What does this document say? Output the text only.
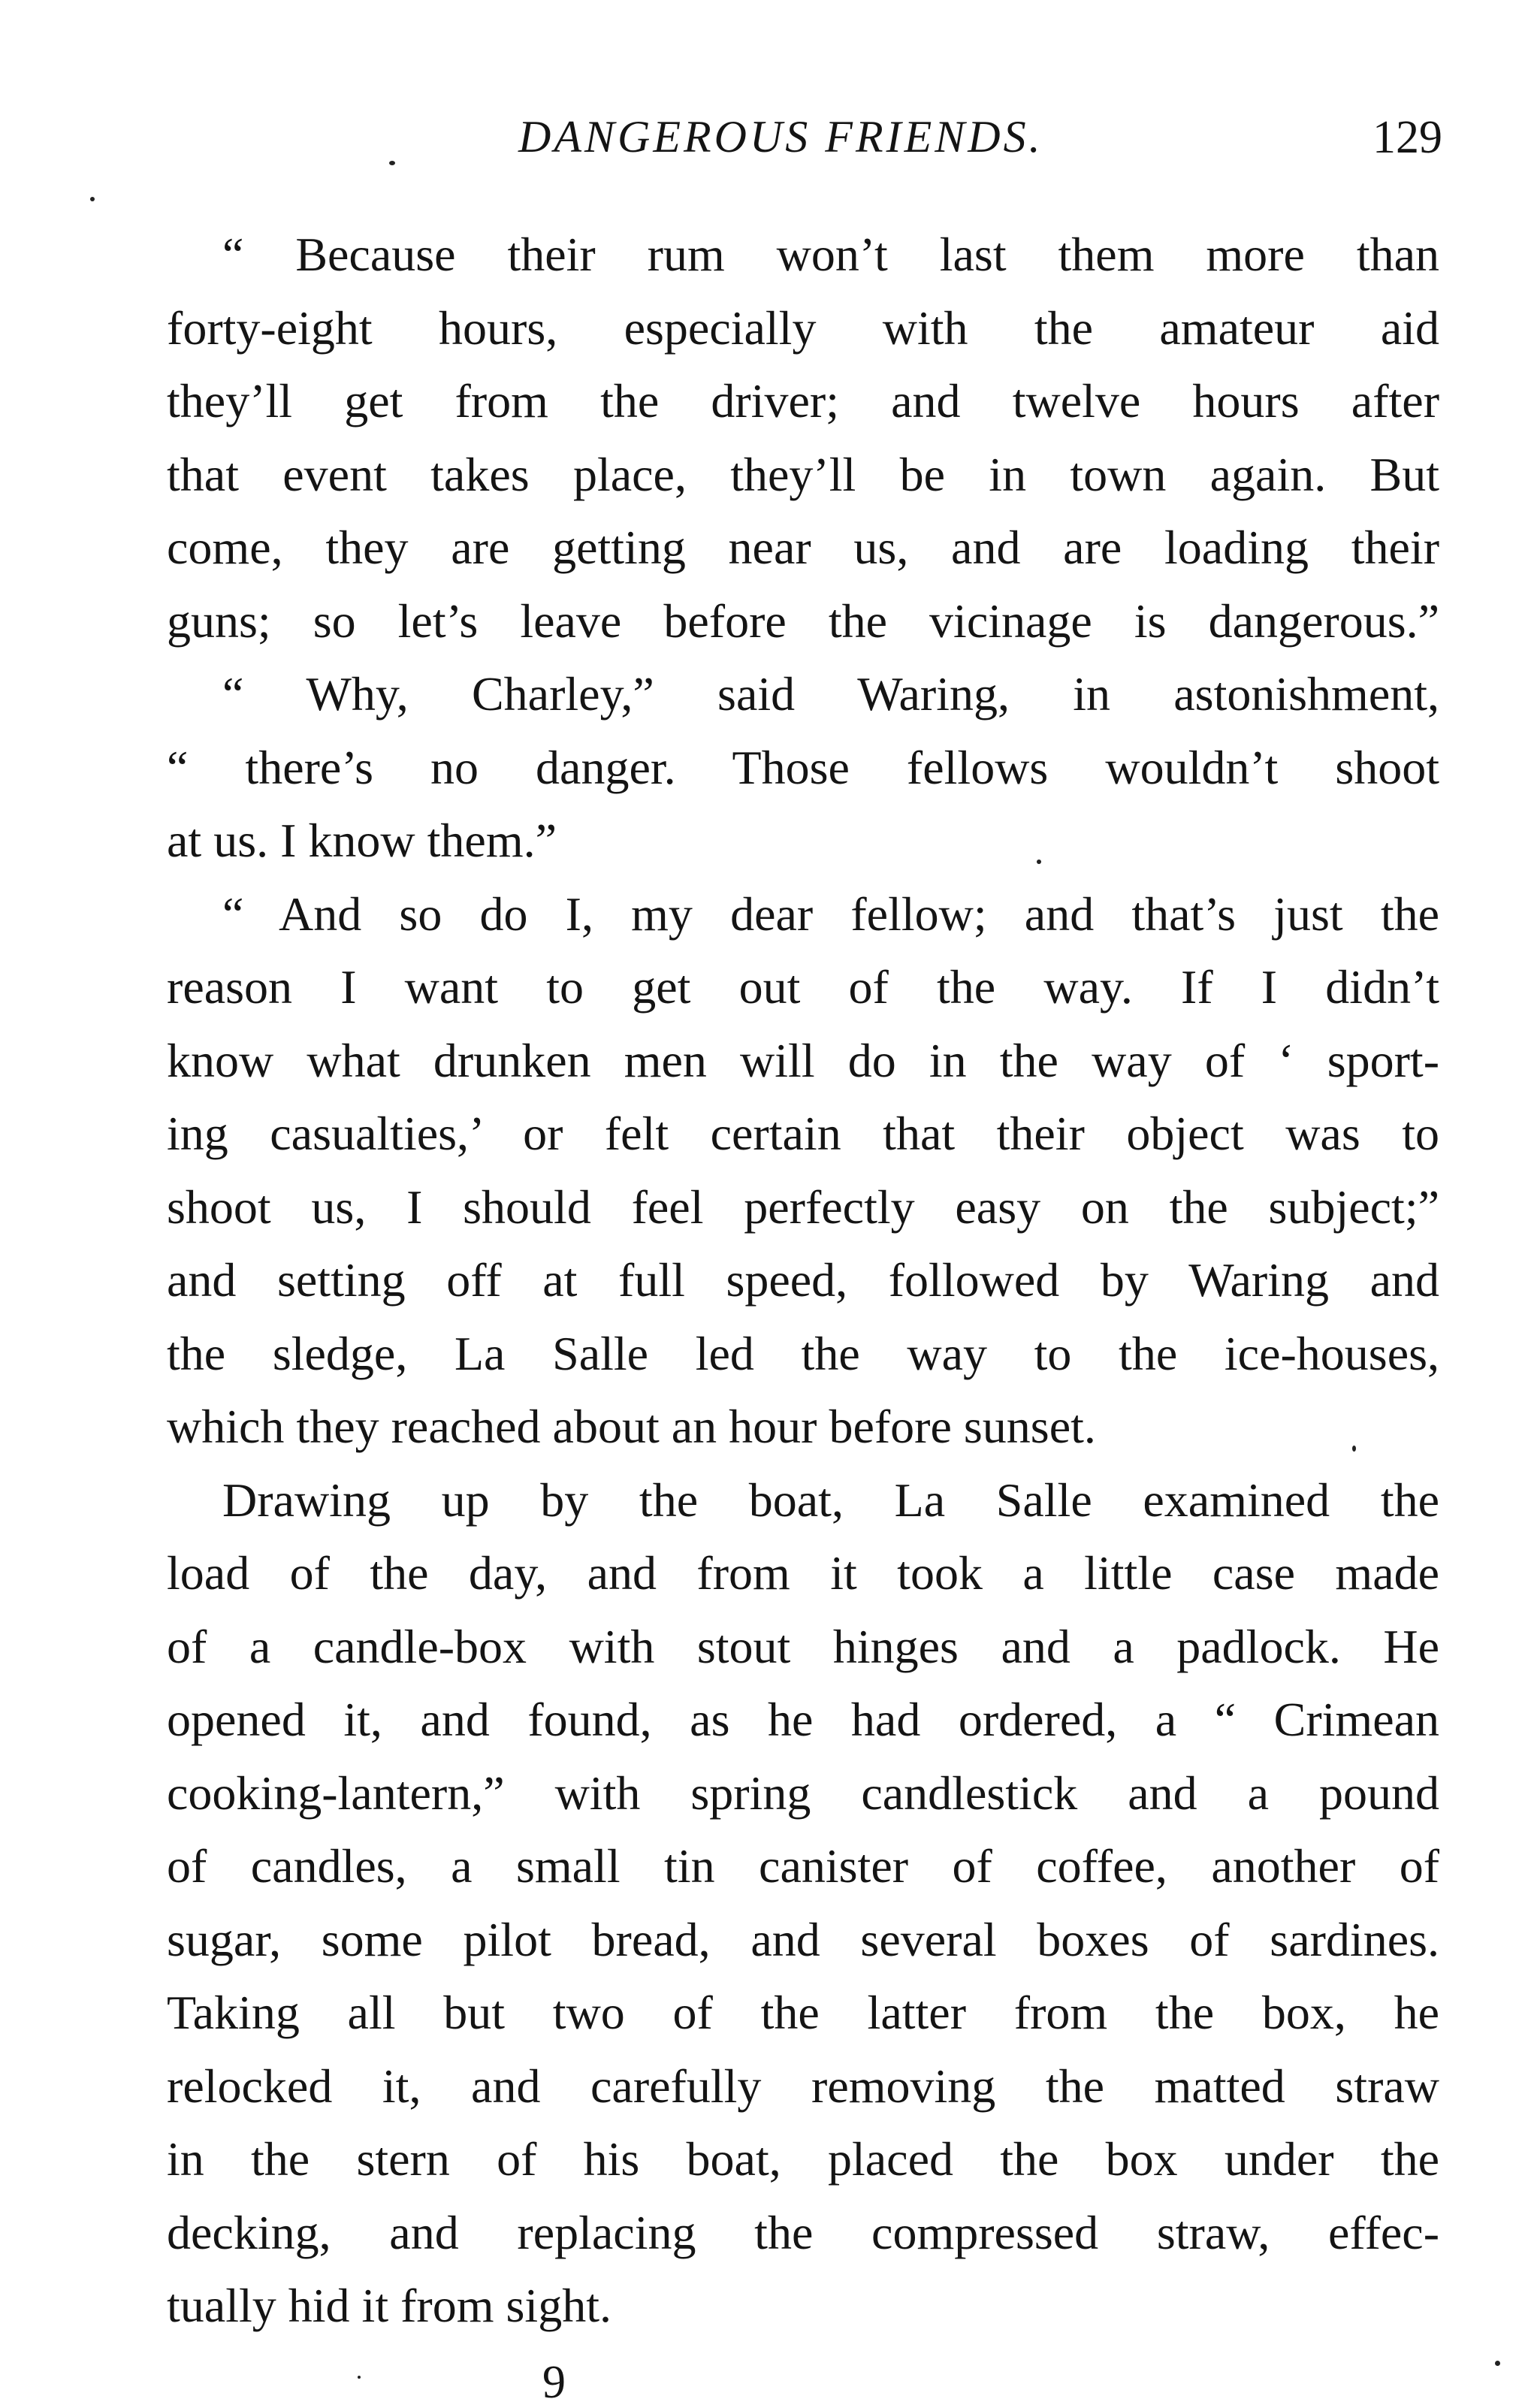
DANGEROUS FRIENDS.	129
“ Because their rum won’t last them more than
forty-eight hours, especially with the amateur aid
they’ll get from the driver; and twelve hours after
that event takes place, they’ll be in town again. But
come, they are getting near us, and are loading their
guns; so let’s leave before the vicinage is dangerous.”
“ Why, Charley,” said Waring, in astonishment,
“ there’s no danger. Those fellows wouldn’t shoot
at us. I know them.”
“ And so do I, my dear fellow; and that’s just the
reason I want to get out of the way. If I didn’t
know what drunken men will do in the way of ‘ sport-
ing casualties,’ or felt certain that their object was to
shoot us, I should feel perfectly easy on the subject;”
and setting off at full speed, followed by Waring and
the sledge, La Salle led the way to the ice-houses,
which they reached about an hour before sunset.
Drawing up by the boat, La Salle examined the
load of the day, and from it took a little case made
of a candle-box with stout hinges and a padlock. He
opened it, and found, as he had ordered, a “ Crimean
cooking-lantern,” with spring candlestick and a pound
of candles, a small tin canister of coffee, another of
sugar, some pilot bread, and several boxes of sardines.
Taking all but two of the latter from the box, he
relocked it, and carefully removing the matted straw
in the stern of his boat, placed the box under the
decking, and replacing the compressed straw, effec-
tually hid it from sight.
9
